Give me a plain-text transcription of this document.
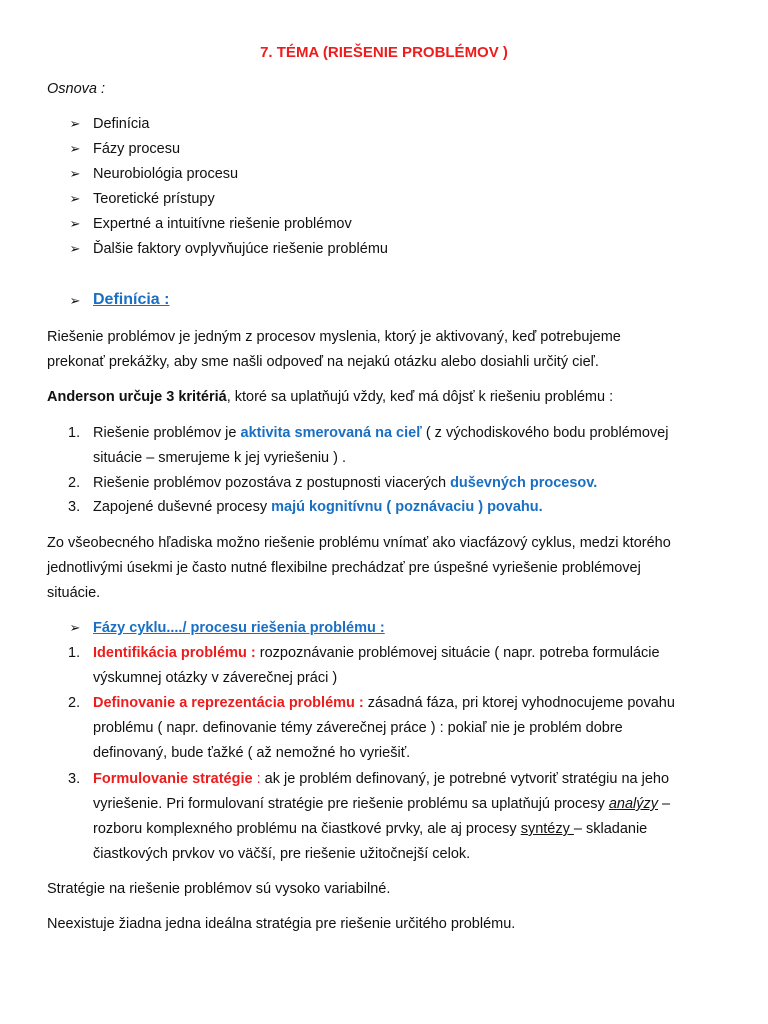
7. TÉMA (RIEŠENIE PROBLÉMOV )
Osnova :
➢ Definícia
➢ Fázy procesu
➢ Neurobiológia procesu
➢ Teoretické prístupy
➢ Expertné a intuitívne riešenie problémov
➢ Ďalšie faktory ovplyvňujúce riešenie problému
➢ Definícia :
Riešenie problémov je jedným z procesov myslenia, ktorý je aktivovaný, keď potrebujeme
prekonať prekážky, aby sme našli odpoveď na nejakú otázku alebo dosiahli určitý cieľ.
Anderson určuje 3 kritériá, ktoré sa uplatňujú vždy, keď má dôjsť k riešeniu problému :
1. Riešenie problémov je aktivita smerovaná na cieľ ( z východiskového bodu problémovej
situácie – smerujeme k jej vyriešeniu ) .
2. Riešenie problémov pozostáva z postupnosti viacerých duševných procesov.
3. Zapojené duševné procesy majú kognitívnu ( poznávaciu ) povahu.
Zo všeobecného hľadiska možno riešenie problému vnímať ako viacfázový cyklus, medzi ktorého
jednotlivými úsekmi je často nutné flexibilne prechádzať pre úspešné vyriešenie problémovej
situácie.
➢ Fázy cyklu..../ procesu riešenia problému :
1. Identifikácia problému : rozpoznávanie problémovej situácie ( napr. potreba formulácie
výskumnej otázky v záverečnej práci )
2. Definovanie a reprezentácia problému : zásadná fáza, pri ktorej vyhodnocujeme povahu
problému ( napr. definovanie témy záverečnej práce ) : pokiaľ nie je problém dobre
definovaný, bude ťažké ( až nemožné ho vyriešiť.
3. Formulovanie stratégie : ak je problém definovaný, je potrebné vytvoriť stratégiu na jeho
vyriešenie. Pri formulovaní stratégie pre riešenie problému sa uplatňujú procesy analýzy –
rozboru komplexného problému na čiastkové prvky, ale aj procesy syntézy – skladanie
čiastkových prvkov vo väčší, pre riešenie užitočnejší celok.
Stratégie na riešenie problémov sú vysoko variabilné.
Neexistuje žiadna jedna ideálna stratégia pre riešenie určitého problému.
